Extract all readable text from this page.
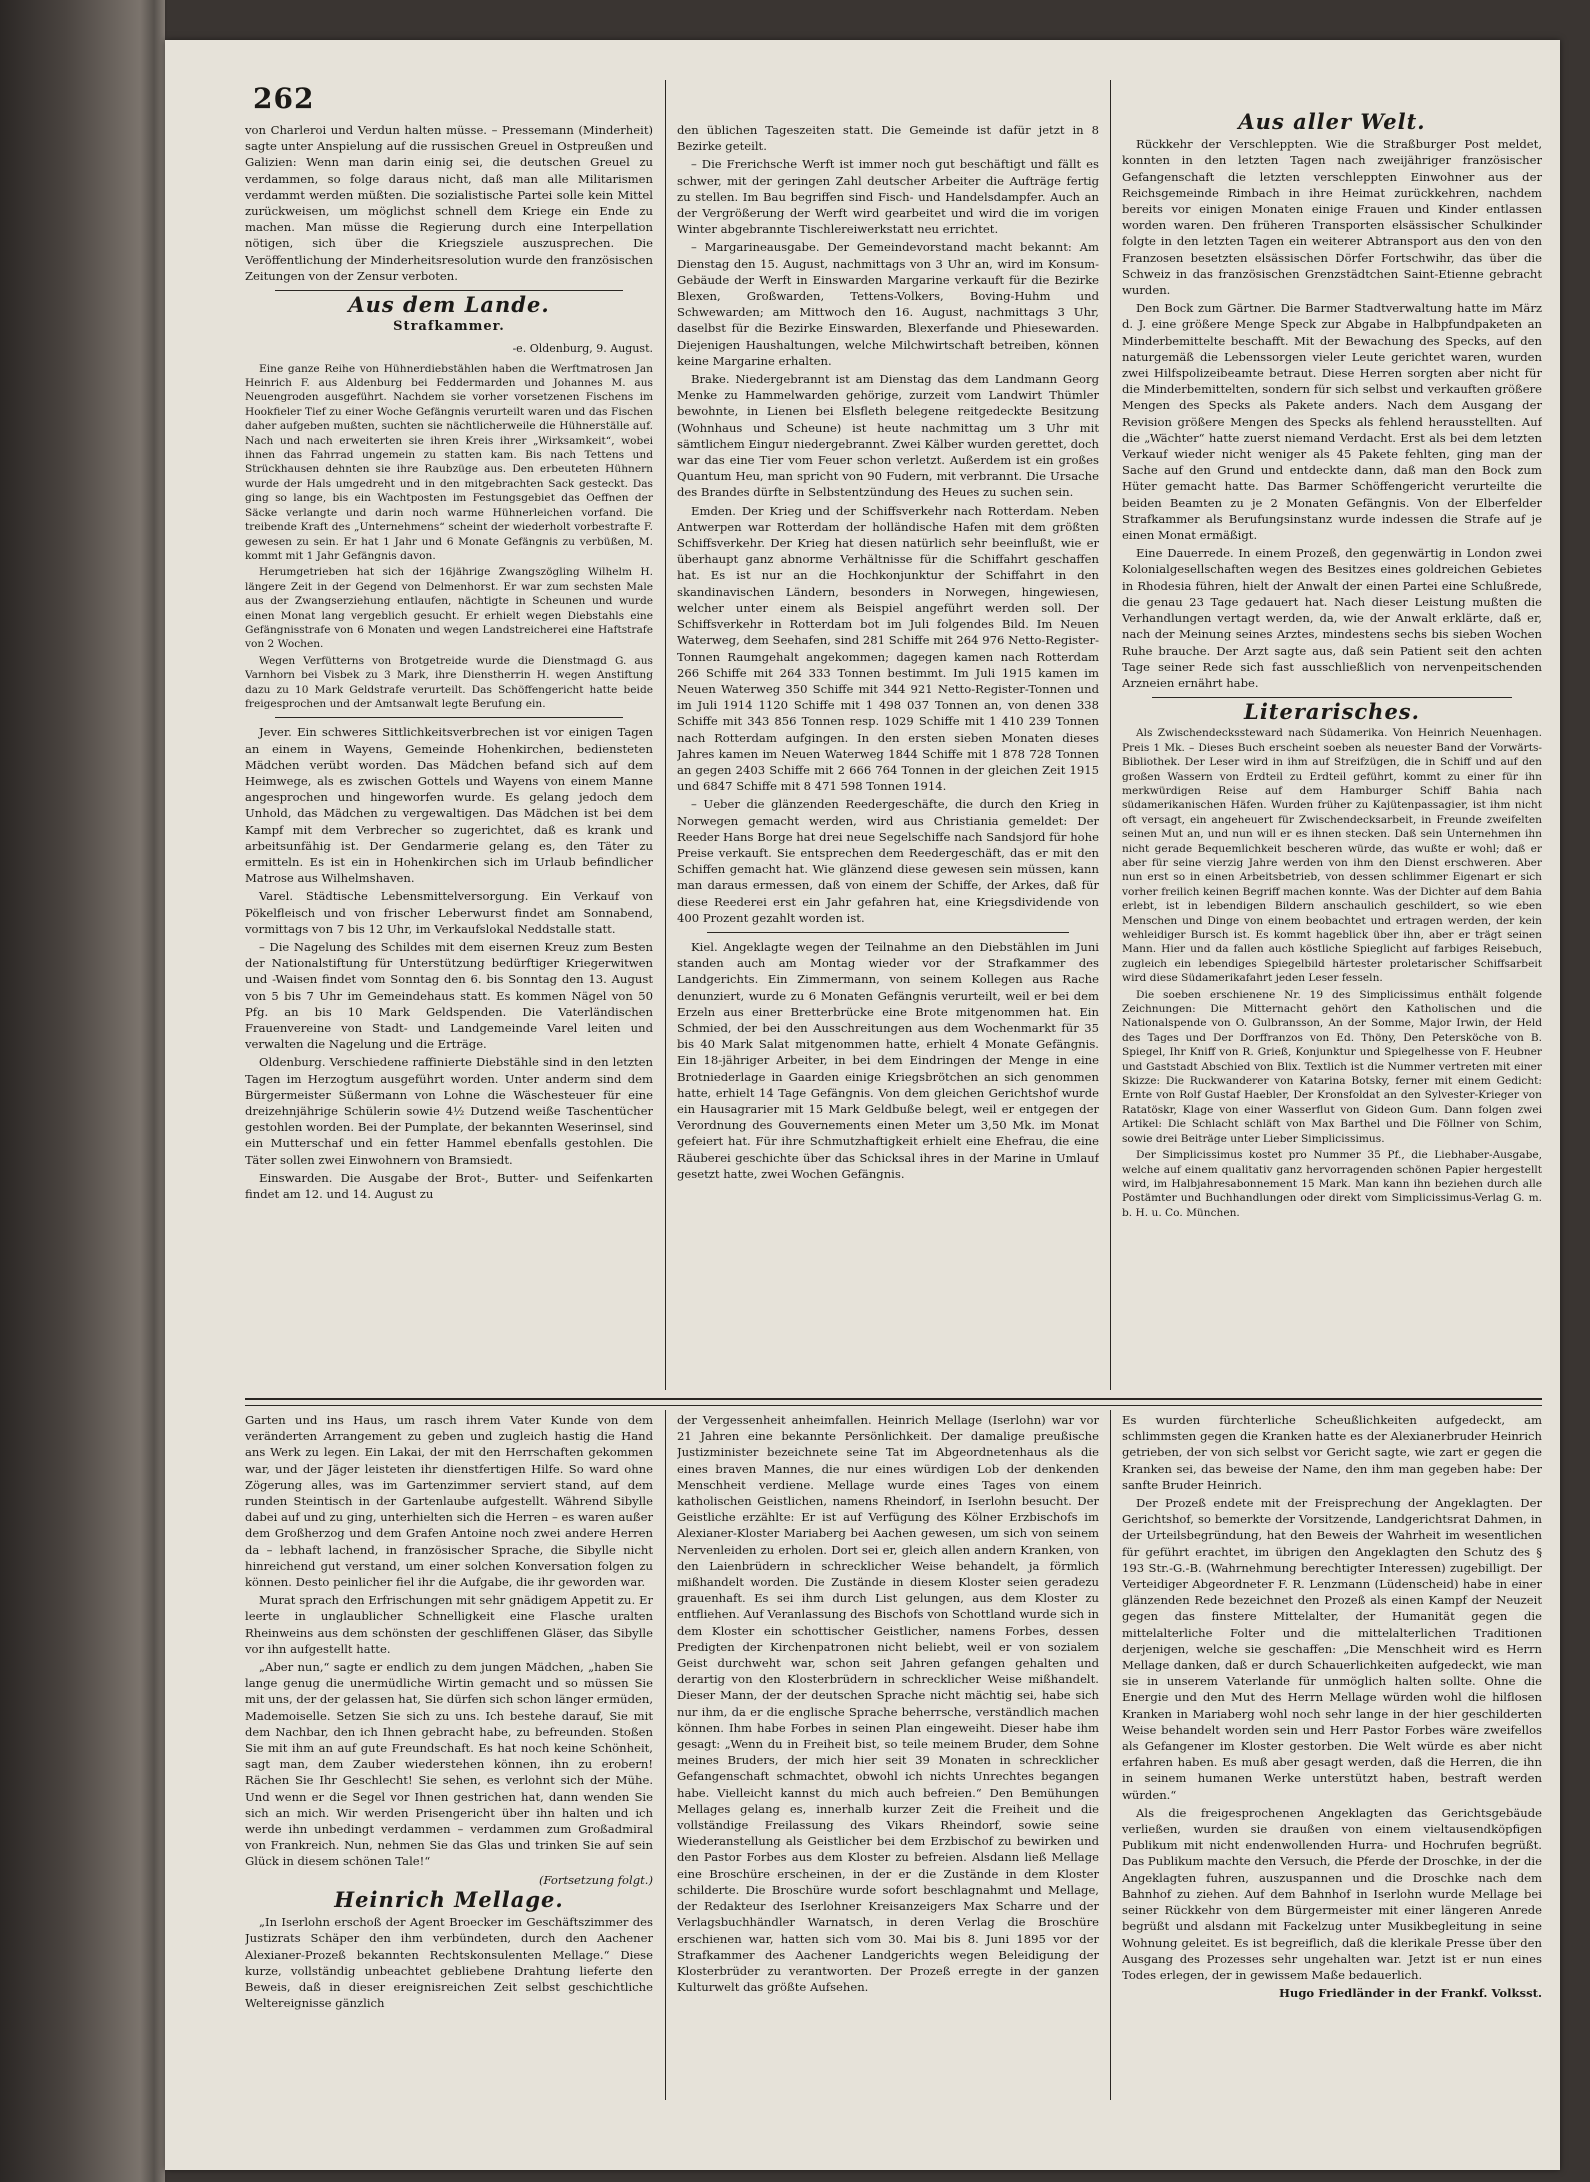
262

von Charleroi und Verdun halten müsse. – Pressemann (Minderheit) sagte unter Anspielung auf die russischen Greuel in Ostpreußen und Galizien: Wenn man darin einig sei, die deutschen Greuel zu verdammen, so folge daraus nicht, daß man alle Militarismen verdammt werden müßten. Die sozialistische Partei solle kein Mittel zurückweisen, um möglichst schnell dem Kriege ein Ende zu machen. Man müsse die Regierung durch eine Interpellation nötigen, sich über die Kriegsziele auszusprechen. Die Veröffentlichung der Minderheitsresolution wurde den französischen Zeitungen von der Zensur verboten.

Aus dem Lande.
Strafkammer.
-e. Oldenburg, 9. August.

Eine ganze Reihe von Hühnerdiebstählen haben die Werftmatrosen Jan Heinrich F. aus Aldenburg bei Feddermarden und Johannes M. aus Neuengroden ausgeführt. Nachdem sie vorher vorsetzenen Fischens im Hookfieler Tief zu einer Woche Gefängnis verurteilt waren und das Fischen daher aufgeben mußten, suchten sie nächtlicherweile die Hühnerställe auf. Nach und nach erweiterten sie ihren Kreis ihrer „Wirksamkeit“, wobei ihnen das Fahrrad ungemein zu statten kam. Bis nach Tettens und Strückhausen dehnten sie ihre Raubzüge aus. Den erbeuteten Hühnern wurde der Hals umgedreht und in den mitgebrachten Sack gesteckt. Das ging so lange, bis ein Wachtposten im Festungsgebiet das Oeffnen der Säcke verlangte und darin noch warme Hühnerleichen vorfand. Die treibende Kraft des „Unternehmens“ scheint der wiederholt vorbestrafte F. gewesen zu sein. Er hat 1 Jahr und 6 Monate Gefängnis zu verbüßen, M. kommt mit 1 Jahr Gefängnis davon.

Herumgetrieben hat sich der 16jährige Zwangszögling Wilhelm H. längere Zeit in der Gegend von Delmenhorst. Er war zum sechsten Male aus der Zwangserziehung entlaufen, nächtigte in Scheunen und wurde einen Monat lang vergeblich gesucht. Er erhielt wegen Diebstahls eine Gefängnisstrafe von 6 Monaten und wegen Landstreicherei eine Haftstrafe von 2 Wochen.

Wegen Verfütterns von Brotgetreide wurde die Dienstmagd G. aus Varnhorn bei Visbek zu 3 Mark, ihre Dienstherrin H. wegen Anstiftung dazu zu 10 Mark Geldstrafe verurteilt. Das Schöffengericht hatte beide freigesprochen und der Amtsanwalt legte Berufung ein.

Jever. Ein schweres Sittlichkeitsverbrechen ist vor einigen Tagen an einem in Wayens, Gemeinde Hohenkirchen, bediensteten Mädchen verübt worden. Das Mädchen befand sich auf dem Heimwege, als es zwischen Gottels und Wayens von einem Manne angesprochen und hingeworfen wurde. Es gelang jedoch dem Unhold, das Mädchen zu vergewaltigen. Das Mädchen ist bei dem Kampf mit dem Verbrecher so zugerichtet, daß es krank und arbeitsunfähig ist. Der Gendarmerie gelang es, den Täter zu ermitteln. Es ist ein in Hohenkirchen sich im Urlaub befindlicher Matrose aus Wilhelmshaven.

Varel. Städtische Lebensmittelversorgung. Ein Verkauf von Pökelfleisch und von frischer Leberwurst findet am Sonnabend, vormittags von 7 bis 12 Uhr, im Verkaufslokal Neddstalle statt.

– Die Nagelung des Schildes mit dem eisernen Kreuz zum Besten der Nationalstiftung für Unterstützung bedürftiger Kriegerwitwen und -Waisen findet vom Sonntag den 6. bis Sonntag den 13. August von 5 bis 7 Uhr im Gemeindehaus statt. Es kommen Nägel von 50 Pfg. an bis 10 Mark Geldspenden. Die Vaterländischen Frauenvereine von Stadt- und Landgemeinde Varel leiten und verwalten die Nagelung und die Erträge.

Oldenburg. Verschiedene raffinierte Diebstähle sind in den letzten Tagen im Herzogtum ausgeführt worden. Unter anderm sind dem Bürgermeister Süßermann von Lohne die Wäschesteuer für eine dreizehnjährige Schülerin sowie 4½ Dutzend weiße Taschentücher gestohlen worden. Bei der Pumplate, der bekannten Weserinsel, sind ein Mutterschaf und ein fetter Hammel ebenfalls gestohlen. Die Täter sollen zwei Einwohnern von Bramsiedt.

Einswarden. Die Ausgabe der Brot-, Butter- und Seifenkarten findet am 12. und 14. August zu

den üblichen Tageszeiten statt. Die Gemeinde ist dafür jetzt in 8 Bezirke geteilt.

– Die Frerichsche Werft ist immer noch gut beschäftigt und fällt es schwer, mit der geringen Zahl deutscher Arbeiter die Aufträge fertig zu stellen. Im Bau begriffen sind Fisch- und Handelsdampfer. Auch an der Vergrößerung der Werft wird gearbeitet und wird die im vorigen Winter abgebrannte Tischlereiwerkstatt neu errichtet.

– Margarineausgabe. Der Gemeindevorstand macht bekannt: Am Dienstag den 15. August, nachmittags von 3 Uhr an, wird im Konsum-Gebäude der Werft in Einswarden Margarine verkauft für die Bezirke Blexen, Großwarden, Tettens-Volkers, Boving-Huhm und Schwewarden; am Mittwoch den 16. August, nachmittags 3 Uhr, daselbst für die Bezirke Einswarden, Blexerfande und Phiesewarden. Diejenigen Haushaltungen, welche Milchwirtschaft betreiben, können keine Margarine erhalten.

Brake. Niedergebrannt ist am Dienstag das dem Landmann Georg Menke zu Hammelwarden gehörige, zurzeit vom Landwirt Thümler bewohnte, in Lienen bei Elsfleth belegene reitgedeckte Besitzung (Wohnhaus und Scheune) ist heute nachmittag um 3 Uhr mit sämtlichem Einguт niedergebrannt. Zwei Kälber wurden gerettet, doch war das eine Tier vom Feuer schon verletzt. Außerdem ist ein großes Quantum Heu, man spricht von 90 Fudern, mit verbrannt. Die Ursache des Brandes dürfte in Selbstentzündung des Heues zu suchen sein.

Emden. Der Krieg und der Schiffsverkehr nach Rotterdam. Neben Antwerpen war Rotterdam der holländische Hafen mit dem größten Schiffsverkehr. Der Krieg hat diesen natürlich sehr beeinflußt, wie er überhaupt ganz abnorme Verhältnisse für die Schiffahrt geschaffen hat. Es ist nur an die Hochkonjunktur der Schiffahrt in den skandinavischen Ländern, besonders in Norwegen, hingewiesen, welcher unter einem als Beispiel angeführt werden soll. Der Schiffsverkehr in Rotterdam bot im Juli folgendes Bild. Im Neuen Waterweg, dem Seehafen, sind 281 Schiffe mit 264 976 Netto-Register-Tonnen Raumgehalt angekommen; dagegen kamen nach Rotterdam 266 Schiffe mit 264 333 Tonnen bestimmt. Im Juli 1915 kamen im Neuen Waterweg 350 Schiffe mit 344 921 Netto-Register-Tonnen und im Juli 1914 1120 Schiffe mit 1 498 037 Tonnen an, von denen 338 Schiffe mit 343 856 Tonnen resp. 1029 Schiffe mit 1 410 239 Tonnen nach Rotterdam aufgingen. In den ersten sieben Monaten dieses Jahres kamen im Neuen Waterweg 1844 Schiffe mit 1 878 728 Tonnen an gegen 2403 Schiffe mit 2 666 764 Tonnen in der gleichen Zeit 1915 und 6847 Schiffe mit 8 471 598 Tonnen 1914.

– Ueber die glänzenden Reedergeschäfte, die durch den Krieg in Norwegen gemacht werden, wird aus Christiania gemeldet: Der Reeder Hans Borge hat drei neue Segelschiffe nach Sandsjord für hohe Preise verkauft. Sie entsprechen dem Reedergeschäft, das er mit den Schiffen gemacht hat. Wie glänzend diese gewesen sein müssen, kann man daraus ermessen, daß von einem der Schiffe, der Arkes, daß für diese Reederei erst ein Jahr gefahren hat, eine Kriegsdividende von 400 Prozent gezahlt worden ist.

Kiel. Angeklagte wegen der Teilnahme an den Diebstählen im Juni standen auch am Montag wieder vor der Strafkammer des Landgerichts. Ein Zimmermann, von seinem Kollegen aus Rache denunziert, wurde zu 6 Monaten Gefängnis verurteilt, weil er bei dem Erzeln aus einer Bretterbrücke eine Brote mitgenommen hat. Ein Schmied, der bei den Ausschreitungen aus dem Wochenmarkt für 35 bis 40 Mark Salat mitgenommen hatte, erhielt 4 Monate Gefängnis. Ein 18-jähriger Arbeiter, in bei dem Eindringen der Menge in eine Brotniederlage in Gaarden einige Kriegsbrötchen an sich genommen hatte, erhielt 14 Tage Gefängnis. Von dem gleichen Gerichtshof wurde ein Hausagrarier mit 15 Mark Geldbuße belegt, weil er entgegen der Verordnung des Gouvernements einen Meter um 3,50 Mk. im Monat gefeiert hat. Für ihre Schmutzhaftigkeit erhielt eine Ehefrau, die eine Räuberei geschichte über das Schicksal ihres in der Marine in Umlauf gesetzt hatte, zwei Wochen Gefängnis.

Aus aller Welt.

Rückkehr der Verschleppten. Wie die Straßburger Post meldet, konnten in den letzten Tagen nach zweijähriger französischer Gefangenschaft die letzten verschleppten Einwohner aus der Reichsgemeinde Rimbach in ihre Heimat zurückkehren, nachdem bereits vor einigen Monaten einige Frauen und Kinder entlassen worden waren. Den früheren Transporten elsässischer Schulkinder folgte in den letzten Tagen ein weiterer Abtransport aus den von den Franzosen besetzten elsässischen Dörfer Fortschwihr, das über die Schweiz in das französischen Grenzstädtchen Saint-Etienne gebracht wurden.

Den Bock zum Gärtner. Die Barmer Stadtverwaltung hatte im März d. J. eine größere Menge Speck zur Abgabe in Halbpfundpaketen an Minderbemittelte beschafft. Mit der Bewachung des Specks, auf den naturgemäß die Lebenssorgen vieler Leute gerichtet waren, wurden zwei Hilfspolizeibeamte betraut. Diese Herren sorgten aber nicht für die Minderbemittelten, sondern für sich selbst und verkauften größere Mengen des Specks als Pakete anders. Nach dem Ausgang der Revision größere Mengen des Specks als fehlend herausstellten. Auf die „Wächter“ hatte zuerst niemand Verdacht. Erst als bei dem letzten Verkauf wieder nicht weniger als 45 Pakete fehlten, ging man der Sache auf den Grund und entdeckte dann, daß man den Bock zum Hüter gemacht hatte. Das Barmer Schöffengericht verurteilte die beiden Beamten zu je 2 Monaten Gefängnis. Von der Elberfelder Strafkammer als Berufungsinstanz wurde indessen die Strafe auf je einen Monat ermäßigt.

Eine Dauerrede. In einem Prozeß, den gegenwärtig in London zwei Kolonialgesellschaften wegen des Besitzes eines goldreichen Gebietes in Rhodesia führen, hielt der Anwalt der einen Partei eine Schlußrede, die genau 23 Tage gedauert hat. Nach dieser Leistung mußten die Verhandlungen vertagt werden, da, wie der Anwalt erklärte, daß er, nach der Meinung seines Arztes, mindestens sechs bis sieben Wochen Ruhe brauche. Der Arzt sagte aus, daß sein Patient seit den achten Tage seiner Rede sich fast ausschließlich von nervenpeitschenden Arzneien ernährt habe.

Literarisches.

Als Zwischendeckssteward nach Südamerika. Von Heinrich Neuenhagen. Preis 1 Mk. – Dieses Buch erscheint soeben als neuester Band der Vorwärts-Bibliothek. Der Leser wird in ihm auf Streifzügen, die in Schiff und auf den großen Wassern von Erdteil zu Erdteil geführt, kommt zu einer für ihn merkwürdigen Reise auf dem Hamburger Schiff Bahia nach südamerikanischen Häfen. Wurden früher zu Kajütenpassagier, ist ihm nicht oft versagt, ein angeheuert für Zwischendecksarbeit, in Freunde zweifelten seinen Mut an, und nun will er es ihnen stecken. Daß sein Unternehmen ihn nicht gerade Bequemlichkeit bescheren würde, das wußte er wohl; daß er aber für seine vierzig Jahre werden von ihm den Dienst erschweren. Aber nun erst so in einen Arbeitsbetrieb, von dessen schlimmer Eigenart er sich vorher freilich keinen Begriff machen konnte. Was der Dichter auf dem Bahia erlebt, ist in lebendigen Bildern anschaulich geschildert, so wie eben Menschen und Dinge von einem beobachtet und ertragen werden, der kein wehleidiger Bursch ist. Es kommt hageblick über ihn, aber er trägt seinen Mann. Hier und da fallen auch köstliche Spieglicht auf farbiges Reisebuch, zugleich ein lebendiges Spiegelbild härtester proletarischer Schiffsarbeit wird diese Südamerikafahrt jeden Leser fesseln.

Die soeben erschienene Nr. 19 des Simplicissimus enthält folgende Zeichnungen: Die Mitternacht gehört den Katholischen und die Nationalspende von O. Gulbransson, An der Somme, Major Irwin, der Held des Tages und Der Dorffranzos von Ed. Thöny, Den Petersköche von B. Spiegel, Ihr Kniff von R. Grieß, Konjunktur und Spiegelhesse von F. Heubner und Gaststadt Abschied von Blix. Textlich ist die Nummer vertreten mit einer Skizze: Die Ruckwanderer von Katarina Botsky, ferner mit einem Gedicht: Ernte von Rolf Gustaf Haebler, Der Kronsfoldat an den Sylvester-Krieger von Ratatöskr, Klage von einer Wasserflut von Gideon Gum. Dann folgen zwei Artikel: Die Schlacht schläft von Max Barthel und Die Föllner von Schim, sowie drei Beiträge unter Lieber Simplicissimus.

Der Simplicissimus kostet pro Nummer 35 Pf., die Liebhaber-Ausgabe, welche auf einem qualitativ ganz hervorragenden schönen Papier hergestellt wird, im Halbjahresabonnement 15 Mark. Man kann ihn beziehen durch alle Postämter und Buchhandlungen oder direkt vom Simplicissimus-Verlag G. m. b. H. u. Co. München.

Garten und ins Haus, um rasch ihrem Vater Kunde von dem veränderten Arrangement zu geben und zugleich hastig die Hand ans Werk zu legen. Ein Lakai, der mit den Herrschaften gekommen war, und der Jäger leisteten ihr dienstfertigen Hilfe. So ward ohne Zögerung alles, was im Gartenzimmer serviert stand, auf dem runden Steintisch in der Gartenlaube aufgestellt. Während Sibylle dabei auf und zu ging, unterhielten sich die Herren – es waren außer dem Großherzog und dem Grafen Antoine noch zwei andere Herren da – lebhaft lachend, in französischer Sprache, die Sibylle nicht hinreichend gut verstand, um einer solchen Konversation folgen zu können. Desto peinlicher fiel ihr die Aufgabe, die ihr geworden war.

Murat sprach den Erfrischungen mit sehr gnädigem Appetit zu. Er leerte in unglaublicher Schnelligkeit eine Flasche uralten Rheinweins aus dem schönsten der geschliffenen Gläser, das Sibylle vor ihn aufgestellt hatte.

„Aber nun,“ sagte er endlich zu dem jungen Mädchen, „haben Sie lange genug die unermüdliche Wirtin gemacht und so müssen Sie mit uns, der der gelassen hat, Sie dürfen sich schon länger ermüden, Mademoiselle. Setzen Sie sich zu uns. Ich bestehe darauf, Sie mit dem Nachbar, den ich Ihnen gebracht habe, zu befreunden. Stoßen Sie mit ihm an auf gute Freundschaft. Es hat noch keine Schönheit, sagt man, dem Zauber wiederstehen können, ihn zu erobern! Rächen Sie Ihr Geschlecht! Sie sehen, es verlohnt sich der Mühe. Und wenn er die Segel vor Ihnen gestrichen hat, dann wenden Sie sich an mich. Wir werden Prisengericht über ihn halten und ich werde ihn unbedingt verdammen – verdammen zum Großadmiral von Frankreich. Nun, nehmen Sie das Glas und trinken Sie auf sein Glück in diesem schönen Tale!“

(Fortsetzung folgt.)
Heinrich Mellage.

„In Iserlohn erschoß der Agent Broecker im Geschäftszimmer des Justizrats Schäper den ihm verbündeten, durch den Aachener Alexianer-Prozeß bekannten Rechtskonsulenten Mellage.“ Diese kurze, vollständig unbeachtet gebliebene Drahtung lieferte den Beweis, daß in dieser ereignisreichen Zeit selbst geschichtliche Weltereignisse gänzlich

der Vergessenheit anheimfallen. Heinrich Mellage (Iserlohn) war vor 21 Jahren eine bekannte Persönlichkeit. Der damalige preußische Justizminister bezeichnete seine Tat im Abgeordnetenhaus als die eines braven Mannes, die nur eines würdigen Lob der denkenden Menschheit verdiene. Mellage wurde eines Tages von einem katholischen Geistlichen, namens Rheindorf, in Iserlohn besucht. Der Geistliche erzählte: Er ist auf Verfügung des Kölner Erzbischofs im Alexianer-Kloster Mariaberg bei Aachen gewesen, um sich von seinem Nervenleiden zu erholen. Dort sei er, gleich allen andern Kranken, von den Laienbrüdern in schrecklicher Weise behandelt, ja förmlich mißhandelt worden. Die Zustände in diesem Kloster seien geradezu grauenhaft. Es sei ihm durch List gelungen, aus dem Kloster zu entfliehen. Auf Veranlassung des Bischofs von Schottland wurde sich in dem Kloster ein schottischer Geistlicher, namens Forbes, dessen Predigten der Kirchenpatronen nicht beliebt, weil er von sozialem Geist durchweht war, schon seit Jahren gefangen gehalten und derartig von den Klosterbrüdern in schrecklicher Weise mißhandelt. Dieser Mann, der der deutschen Sprache nicht mächtig sei, habe sich nur ihm, da er die englische Sprache beherrsche, verständlich machen können. Ihm habe Forbes in seinen Plan eingeweiht. Dieser habe ihm gesagt: „Wenn du in Freiheit bist, so teile meinem Bruder, dem Sohne meines Bruders, der mich hier seit 39 Monaten in schrecklicher Gefangenschaft schmachtet, obwohl ich nichts Unrechtes begangen habe. Vielleicht kannst du mich auch befreien.“ Den Bemühungen Mellages gelang es, innerhalb kurzer Zeit die Freiheit und die vollständige Freilassung des Vikars Rheindorf, sowie seine Wiederanstellung als Geistlicher bei dem Erzbischof zu bewirken und den Pastor Forbes aus dem Kloster zu befreien. Alsdann ließ Mellage eine Broschüre erscheinen, in der er die Zustände in dem Kloster schilderte. Die Broschüre wurde sofort beschlagnahmt und Mellage, der Redakteur des Iserlohner Kreisanzeigers Max Scharre und der Verlagsbuchhändler Warnatsch, in deren Verlag die Broschüre erschienen war, hatten sich vom 30. Mai bis 8. Juni 1895 vor der Strafkammer des Aachener Landgerichts wegen Beleidigung der Klosterbrüder zu verantworten. Der Prozeß erregte in der ganzen Kulturwelt das größte Aufsehen.

Es wurden fürchterliche Scheußlichkeiten aufgedeckt, am schlimmsten gegen die Kranken hatte es der Alexianerbruder Heinrich getrieben, der von sich selbst vor Gericht sagte, wie zart er gegen die Kranken sei, das beweise der Name, den ihm man gegeben habe: Der sanfte Bruder Heinrich.

Der Prozeß endete mit der Freisprechung der Angeklagten. Der Gerichtshof, so bemerkte der Vorsitzende, Landgerichtsrat Dahmen, in der Urteilsbegründung, hat den Beweis der Wahrheit im wesentlichen für geführt erachtet, im übrigen den Angeklagten den Schutz des § 193 Str.-G.-B. (Wahrnehmung berechtigter Interessen) zugebilligt. Der Verteidiger Abgeordneter F. R. Lenzmann (Lüdenscheid) habe in einer glänzenden Rede bezeichnet den Prozeß als einen Kampf der Neuzeit gegen das finstere Mittelalter, der Humanität gegen die mittelalterliche Folter und die mittelalterlichen Traditionen derjenigen, welche sie geschaffen: „Die Menschheit wird es Herrn Mellage danken, daß er durch Schauerlichkeiten aufgedeckt, wie man sie in unserem Vaterlande für unmöglich halten sollte. Ohne die Energie und den Mut des Herrn Mellage würden wohl die hilflosen Kranken in Mariaberg wohl noch sehr lange in der hier geschilderten Weise behandelt worden sein und Herr Pastor Forbes wäre zweifellos als Gefangener im Kloster gestorben. Die Welt würde es aber nicht erfahren haben. Es muß aber gesagt werden, daß die Herren, die ihn in seinem humanen Werke unterstützt haben, bestraft werden würden.“

Als die freigesprochenen Angeklagten das Gerichtsgebäude verließen, wurden sie draußen von einem vieltausendköpfigen Publikum mit nicht endenwollenden Hurra- und Hochrufen begrüßt. Das Publikum machte den Versuch, die Pferde der Droschke, in der die Angeklagten fuhren, auszuspannen und die Droschke nach dem Bahnhof zu ziehen. Auf dem Bahnhof in Iserlohn wurde Mellage bei seiner Rückkehr von dem Bürgermeister mit einer längeren Anrede begrüßt und alsdann mit Fackelzug unter Musikbegleitung in seine Wohnung geleitet. Es ist begreiflich, daß die klerikale Presse über den Ausgang des Prozesses sehr ungehalten war. Jetzt ist er nun eines Todes erlegen, der in gewissem Maße bedauerlich.

Hugo Friedländer in der Frankf. Volksst.
